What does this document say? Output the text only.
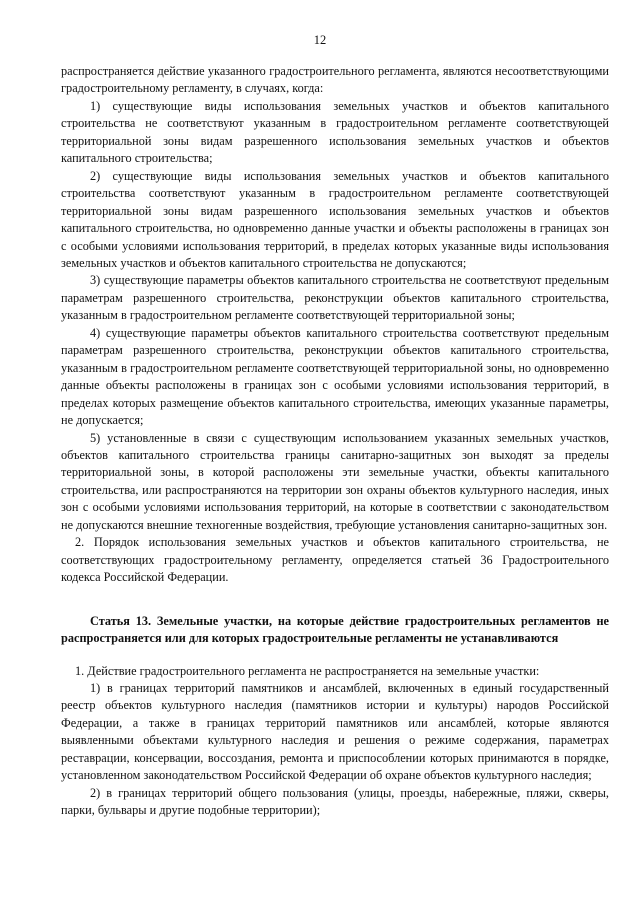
12

распространяется действие указанного градостроительного регламента, являются несоответствующими градостроительному регламенту, в случаях, когда:

1) существующие виды использования земельных участков и объектов капитального строительства не соответствуют указанным в градостроительном регламенте соответствующей территориальной зоны видам разрешенного использования земельных участков и объектов капитального строительства;

2) существующие виды использования земельных участков и объектов капитального строительства соответствуют указанным в градостроительном регламенте соответствующей территориальной зоны видам разрешенного использования земельных участков и объектов капитального строительства, но одновременно данные участки и объекты расположены в границах зон с особыми условиями использования территорий, в пределах которых указанные виды использования земельных участков и объектов капитального строительства не допускаются;

3) существующие параметры объектов капитального строительства не соответствуют предельным параметрам разрешенного строительства, реконструкции объектов капитального строительства, указанным в градостроительном регламенте соответствующей территориальной зоны;

4) существующие параметры объектов капитального строительства соответствуют предельным параметрам разрешенного строительства, реконструкции объектов капитального строительства, указанным в градостроительном регламенте соответствующей территориальной зоны, но одновременно данные объекты расположены в границах зон с особыми условиями использования территорий, в пределах которых размещение объектов капитального строительства, имеющих указанные параметры, не допускается;

5) установленные в связи с существующим использованием указанных земельных участков, объектов капитального строительства границы санитарно-защитных зон выходят за пределы территориальной зоны, в которой расположены эти земельные участки, объекты капитального строительства, или распространяются на территории зон охраны объектов культурного наследия, иных зон с особыми условиями использования территорий, на которые в соответствии с законодательством не допускаются внешние техногенные воздействия, требующие установления санитарно-защитных зон.

2. Порядок использования земельных участков и объектов капитального строительства, не соответствующих градостроительному регламенту, определяется статьей 36 Градостроительного кодекса Российской Федерации.

Статья 13. Земельные участки, на которые действие градостроительных регламентов не распространяется или для которых градостроительные регламенты не устанавливаются

1. Действие градостроительного регламента не распространяется на земельные участки:

1) в границах территорий памятников и ансамблей, включенных в единый государственный реестр объектов культурного наследия (памятников истории и культуры) народов Российской Федерации, а также в границах территорий памятников или ансамблей, которые являются выявленными объектами культурного наследия и решения о режиме содержания, параметрах реставрации, консервации, воссоздания, ремонта и приспособлении которых принимаются в порядке, установленном законодательством Российской Федерации об охране объектов культурного наследия;

2) в границах территорий общего пользования (улицы, проезды, набережные, пляжи, скверы, парки, бульвары и другие подобные территории);
